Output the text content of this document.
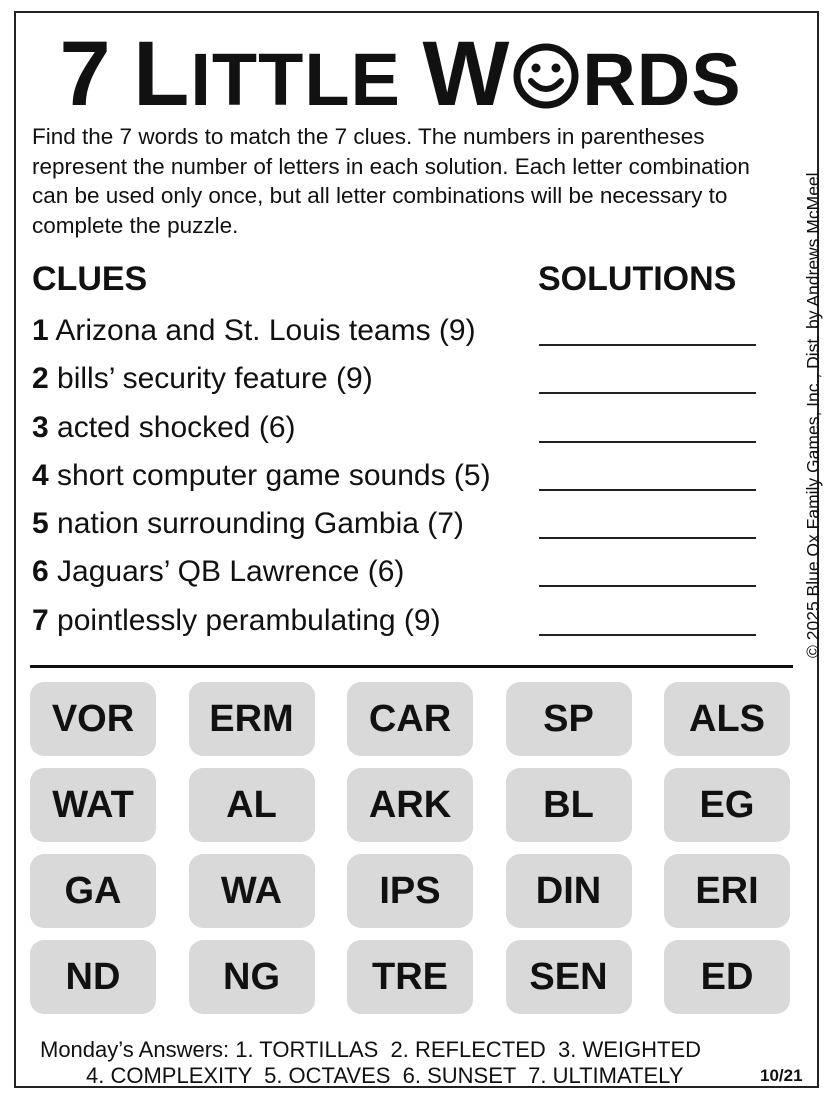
7 LITTLE W RDS
Find the 7 words to match the 7 clues. The numbers in parentheses represent the number of letters in each solution. Each letter combination can be used only once, but all letter combinations will be necessary to complete the puzzle.	© 2025 Blue Ox Family Games, Inc., Dist. by Andrews McMeel
CLUES	SOLUTIONS
1 Arizona and St. Louis teams (9)
2 bills’ security feature (9)
3 acted shocked (6)
4 short computer game sounds (5)
5 nation surrounding Gambia (7)
6 Jaguars’ QB Lawrence (6)
7 pointlessly perambulating (9)
VOR	ERM	CAR	SP	ALS
WAT	AL	ARK	BL	EG
GA	WA	IPS	DIN	ERI
ND	NG	TRE	SEN	ED
Monday’s Answers: 1. TORTILLAS  2. REFLECTED  3. WEIGHTED
4. COMPLEXITY  5. OCTAVES  6. SUNSET  7. ULTIMATELY	10/21
